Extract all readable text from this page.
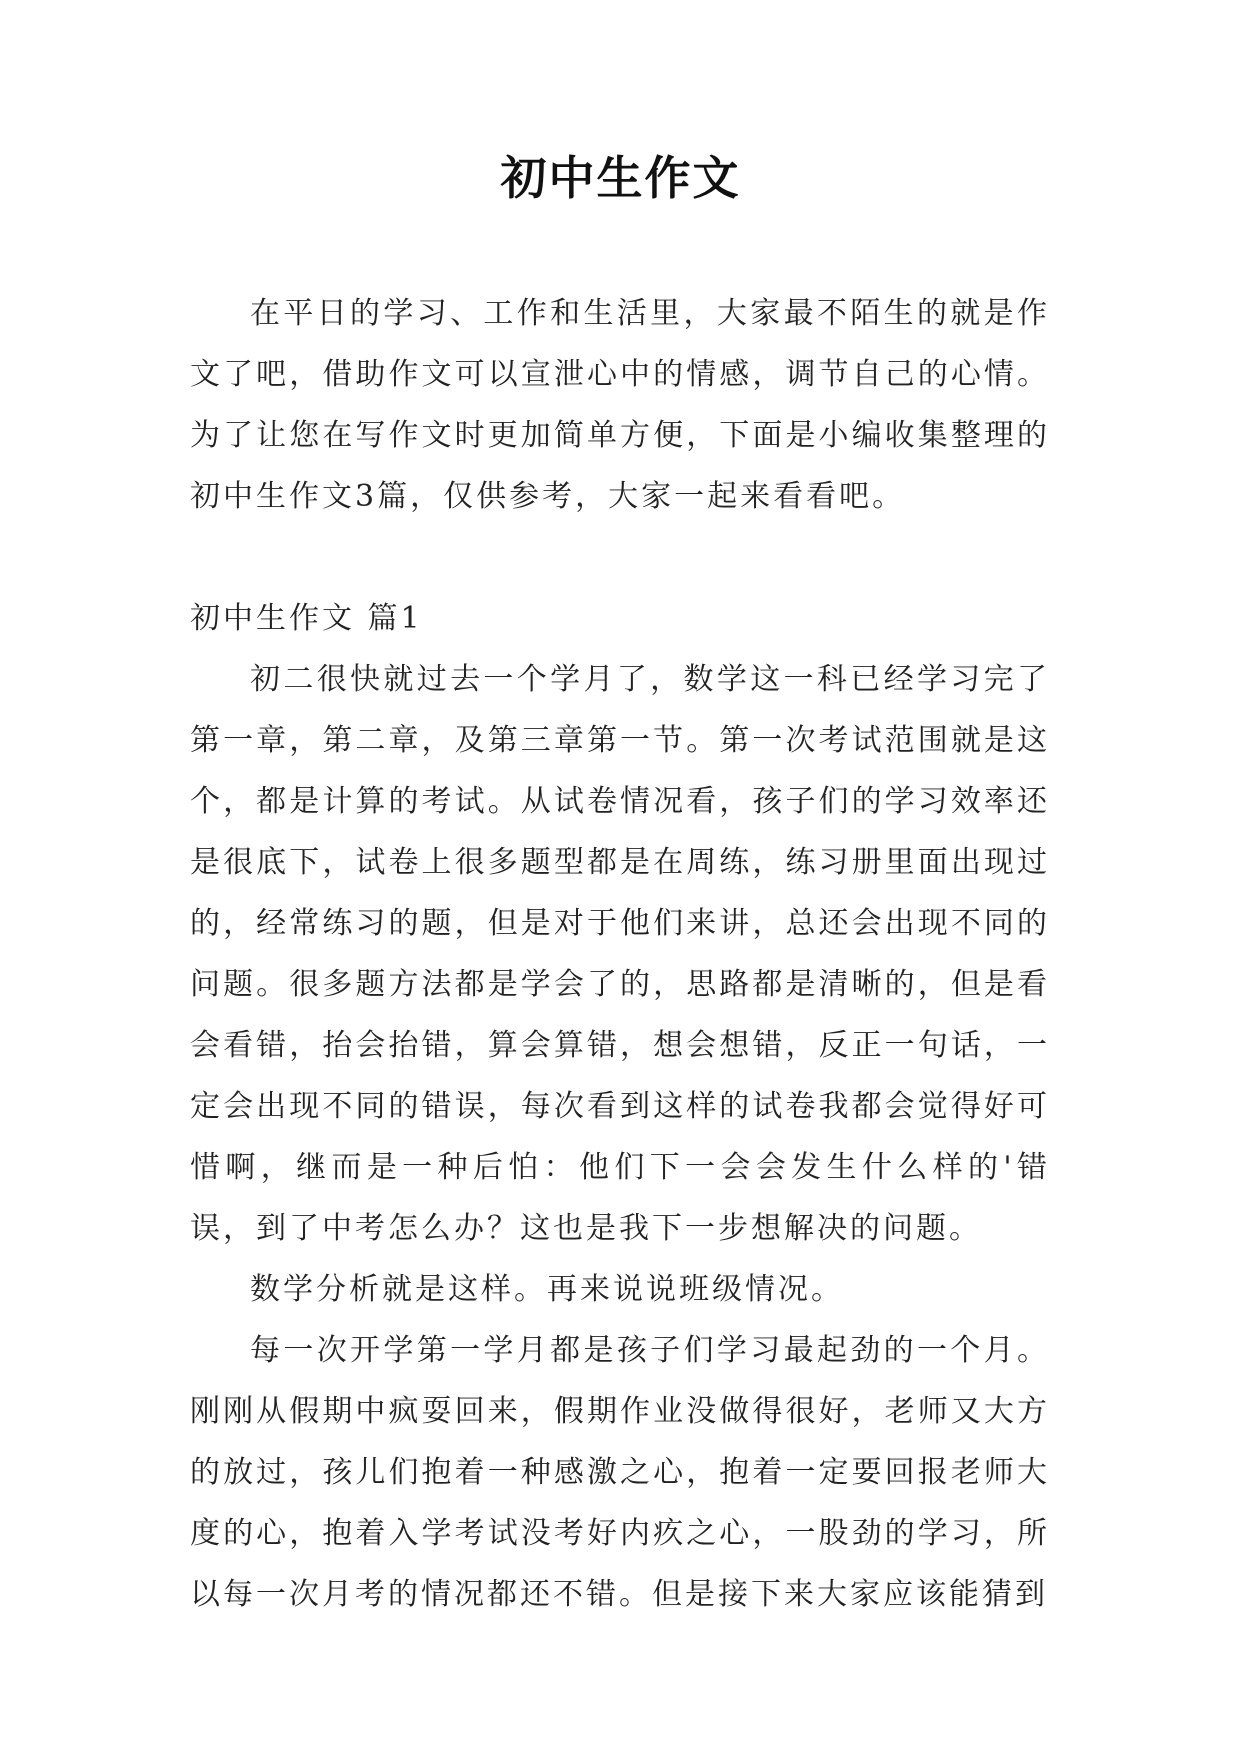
初中生作文

在平日的学习、工作和生活里，大家最不陌生的就是作文了吧，借助作文可以宣泄心中的情感，调节自己的心情。为了让您在写作文时更加简单方便，下面是小编收集整理的初中生作文3篇，仅供参考，大家一起来看看吧。

初中生作文 篇1

初二很快就过去一个学月了，数学这一科已经学习完了第一章，第二章，及第三章第一节。第一次考试范围就是这个，都是计算的考试。从试卷情况看，孩子们的学习效率还是很底下，试卷上很多题型都是在周练，练习册里面出现过的，经常练习的题，但是对于他们来讲，总还会出现不同的问题。很多题方法都是学会了的，思路都是清晰的，但是看会看错，抬会抬错，算会算错，想会想错，反正一句话，一定会出现不同的错误，每次看到这样的试卷我都会觉得好可惜啊，继而是一种后怕：他们下一会会发生什么样的'错误，到了中考怎么办？这也是我下一步想解决的问题。

数学分析就是这样。再来说说班级情况。

每一次开学第一学月都是孩子们学习最起劲的一个月。刚刚从假期中疯耍回来，假期作业没做得很好，老师又大方的放过，孩儿们抱着一种感激之心，抱着一定要回报老师大度的心，抱着入学考试没考好内疚之心，一股劲的学习，所以每一次月考的情况都还不错。但是接下来大家应该能猜到
